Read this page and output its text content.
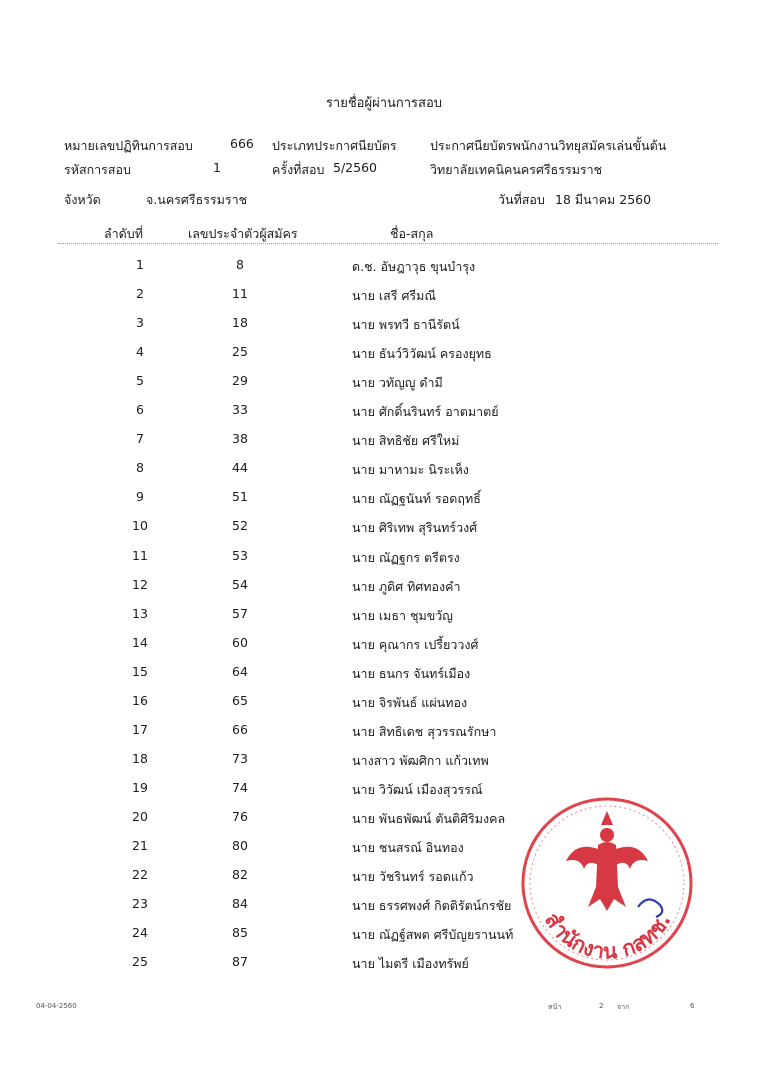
รายชื่อผู้ผ่านการสอบ
หมายเลขปฏิทินการสอบ	666 ประเภทประกาศนียบัตร	ประกาศนียบัตรพนักงานวิทยุสมัครเล่นขั้นต้น
รหัสการสอบ	1	ครั้งที่สอบ 5/2560	วิทยาลัยเทคนิคนครศรีธรรมราช
จังหวัด	จ.นครศรีธรรมราช	วันที่สอบ 18 มีนาคม 2560
ลำดับที่	เลขประจำตัวผู้สมัคร	ชื่อ-สกุล
1	8	ด.ช. อัษฎาวุธ ขุนบำรุง
2	11	นาย เสรี ศรีมณี
3	18	นาย พรทวี ธานีรัตน์
4	25	นาย ธันว์วิวัฒน์ ครองยุทธ
5	29	นาย วทัญญู ดำมี
6	33	นาย ศักดิ์นรินทร์ อาตมาตย์
7	38	นาย สิทธิชัย ศรีใหม่
8	44	นาย มาหามะ นิระเห็ง
9	51	นาย ณัฏฐนันท์ รอดฤทธิ์
10	52	นาย ศิริเทพ สุรินทร์วงศ์
11	53	นาย ณัฏฐกร ตรีตรง
12	54	นาย ภูดิศ ทิศทองคำ
13	57	นาย เมธา ชุมขวัญ
14	60	นาย คุณากร เปรี้ยววงศ์
15	64	นาย ธนกร จันทร์เมือง
16	65	นาย จิรพันธ์ แผ่นทอง
17	66	นาย สิทธิเดช สุวรรณรักษา
18	73	นางสาว พัฒศิกา แก้วเทพ
19	74	นาย วิวัฒน์ เมืองสุวรรณ์
20	76	นาย พันธพัฒน์ ตันติศิริมงคล
21	80	นาย ชนสรณ์ อินทอง
22	82	นาย วัชรินทร์ รอดแก้ว
23	84	นาย ธรรศพงศ์ กิตติรัตน์กรชัย
24	85	นาย ณัฏฐ์สพต ศรีบัญยรานนท์
25	87	นาย ไมตรี เมืองทรัพย์
04-04-2560	หน้า	2 จาก	6
สำนักงาน กสทช.
